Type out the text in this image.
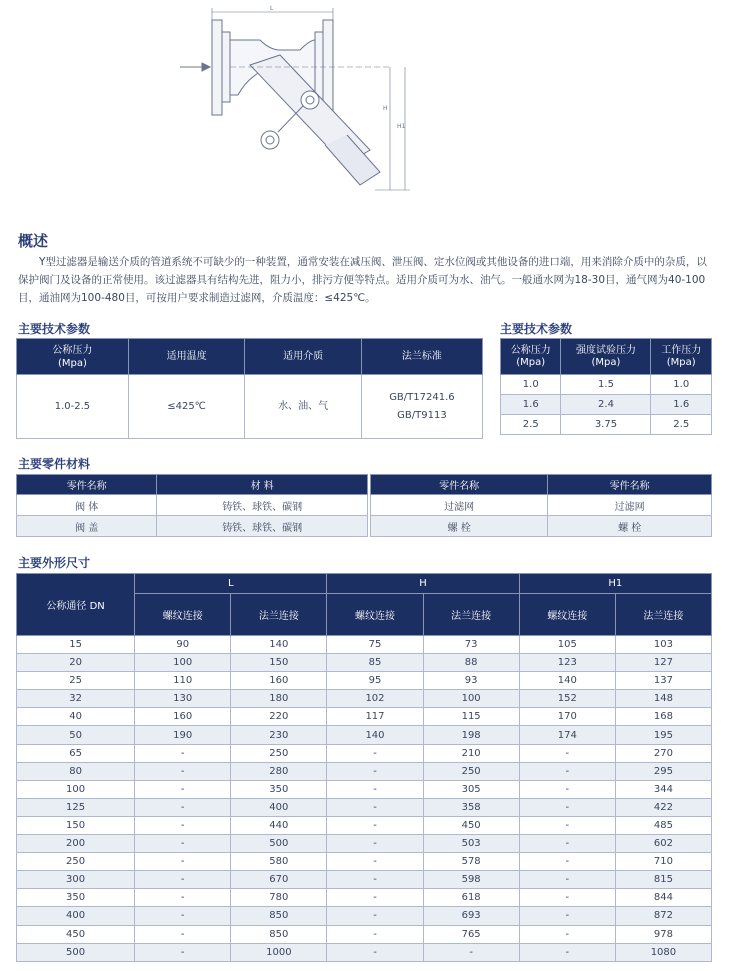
L
H
H1
概述
Y型过滤器是输送介质的管道系统不可缺少的一种装置，通常安装在减压阀、泄压阀、定水位阀或其他设备的进口端，用来消除介质中的杂质，以保护阀门及设备的正常使用。该过滤器具有结构先进，阻力小，排污方便等特点。适用介质可为水、油气。一般通水网为18-30目，通气网为40-100目，通油网为100-480目，可按用户要求制造过滤网，介质温度：≤425℃。
主要技术参数
公称压力
(Mpa)	适用温度	适用介质	法兰标准
1.0-2.5	≤425℃	水、油、气	GB/T17241.6
GB/T9113
主要技术参数
公称压力
(Mpa)	强度试验压力
(Mpa)	工作压力
(Mpa)
1.0	1.5	1.0
1.6	2.4	1.6
2.5	3.75	2.5
主要零件材料
零件名称	材 料
阀 体	铸铁、球铁、碳钢
阀 盖	铸铁、球铁、碳钢
零件名称	零件名称
过滤网	过滤网
螺 栓	螺 栓
主要外形尺寸
公称通径 DN	L		H		H1	
	螺纹连接	法兰连接	螺纹连接	法兰连接	螺纹连接	法兰连接
15	90	140	75	73	105	103
20	100	150	85	88	123	127
25	110	160	95	93	140	137
32	130	180	102	100	152	148
40	160	220	117	115	170	168
50	190	230	140	198	174	195
65	-	250	-	210	-	270
80	-	280	-	250	-	295
100	-	350	-	305	-	344
125	-	400	-	358	-	422
150	-	440	-	450	-	485
200	-	500	-	503	-	602
250	-	580	-	578	-	710
300	-	670	-	598	-	815
350	-	780	-	618	-	844
400	-	850	-	693	-	872
450	-	850	-	765	-	978
500	-	1000	-	-	-	1080
